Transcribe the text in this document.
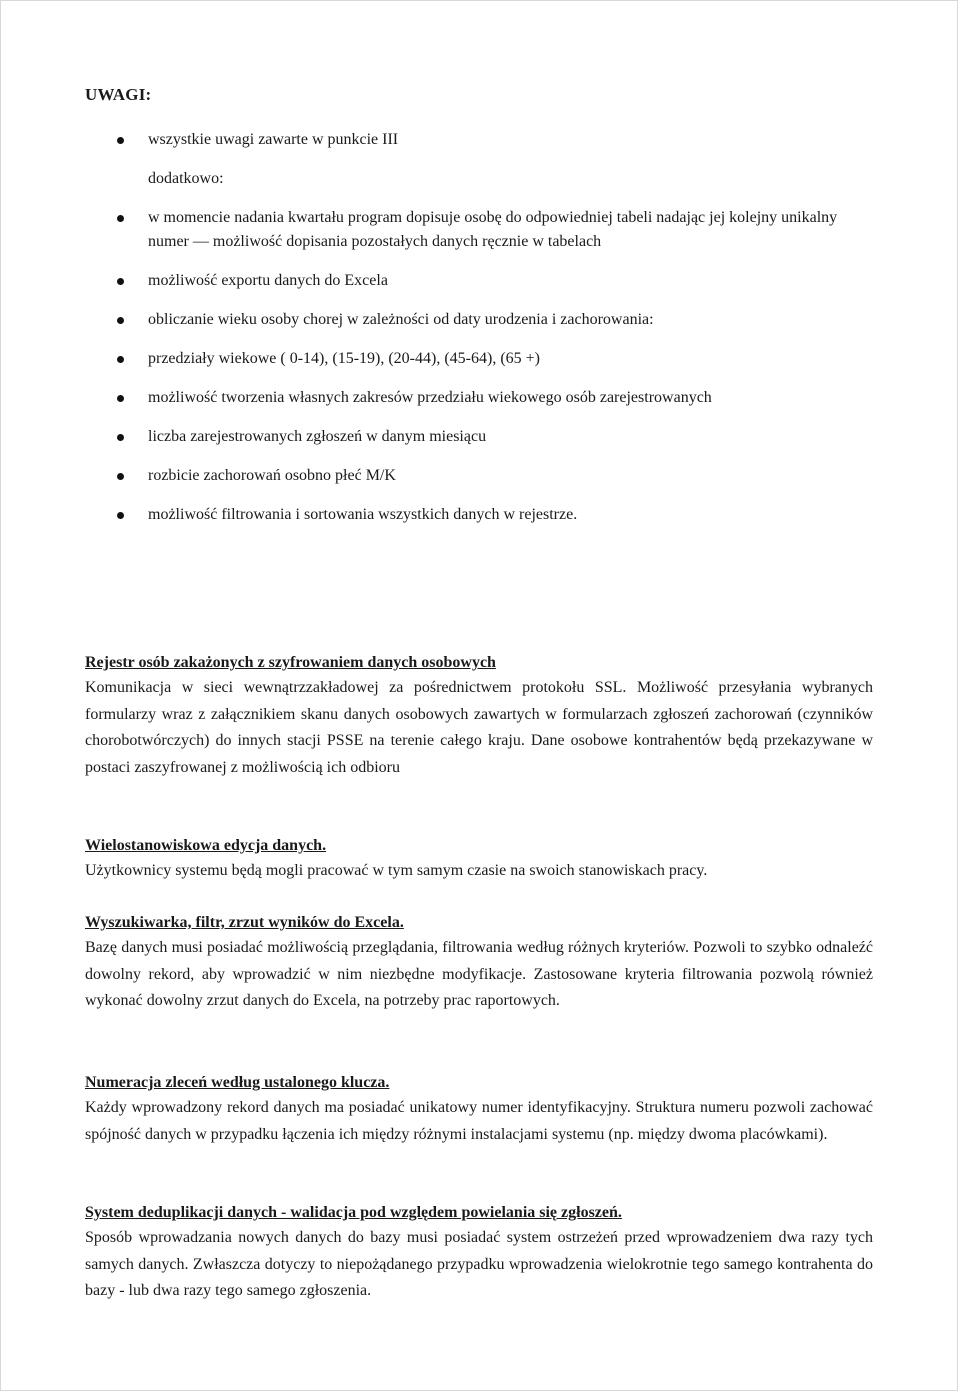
UWAGI:
wszystkie uwagi zawarte w punkcie III
dodatkowo:
w momencie nadania kwartału program dopisuje osobę do odpowiedniej tabeli nadając jej kolejny unikalny numer — możliwość dopisania pozostałych danych ręcznie w tabelach
możliwość exportu danych do Excela
obliczanie wieku osoby chorej w zależności od daty urodzenia i zachorowania:
przedziały wiekowe ( 0-14), (15-19), (20-44), (45-64), (65 +)
możliwość tworzenia własnych zakresów przedziału wiekowego osób zarejestrowanych
liczba zarejestrowanych zgłoszeń w danym miesiącu
rozbicie zachorowań osobno płeć M/K
możliwość filtrowania i sortowania wszystkich danych w rejestrze.
Rejestr osób zakażonych z szyfrowaniem danych osobowych
Komunikacja w sieci wewnątrzzakładowej za pośrednictwem protokołu SSL. Możliwość przesyłania wybranych formularzy wraz z załącznikiem skanu danych osobowych zawartych w formularzach zgłoszeń zachorowań (czynników chorobotwórczych) do innych stacji PSSE na terenie całego kraju. Dane osobowe kontrahentów będą przekazywane w postaci zaszyfrowanej z możliwością ich odbioru
Wielostanowiskowa edycja danych.
Użytkownicy systemu będą mogli pracować w tym samym czasie na swoich stanowiskach pracy.
Wyszukiwarka, filtr, zrzut wyników do Excela.
Bazę danych musi posiadać możliwością przeglądania, filtrowania według różnych kryteriów. Pozwoli to szybko odnaleźć dowolny rekord, aby wprowadzić w nim niezbędne modyfikacje. Zastosowane kryteria filtrowania pozwolą również wykonać dowolny zrzut danych do Excela, na potrzeby prac raportowych.
Numeracja zleceń według ustalonego klucza.
Każdy wprowadzony rekord danych ma posiadać unikatowy numer identyfikacyjny. Struktura numeru pozwoli zachować spójność danych w przypadku łączenia ich między różnymi instalacjami systemu (np. między dwoma placówkami).
System deduplikacji danych - walidacja pod względem powielania się zgłoszeń.
Sposób wprowadzania nowych danych do bazy musi posiadać system ostrzeżeń przed wprowadzeniem dwa razy tych samych danych. Zwłaszcza dotyczy to niepożądanego przypadku wprowadzenia wielokrotnie tego samego kontrahenta do bazy - lub dwa razy tego samego zgłoszenia.
